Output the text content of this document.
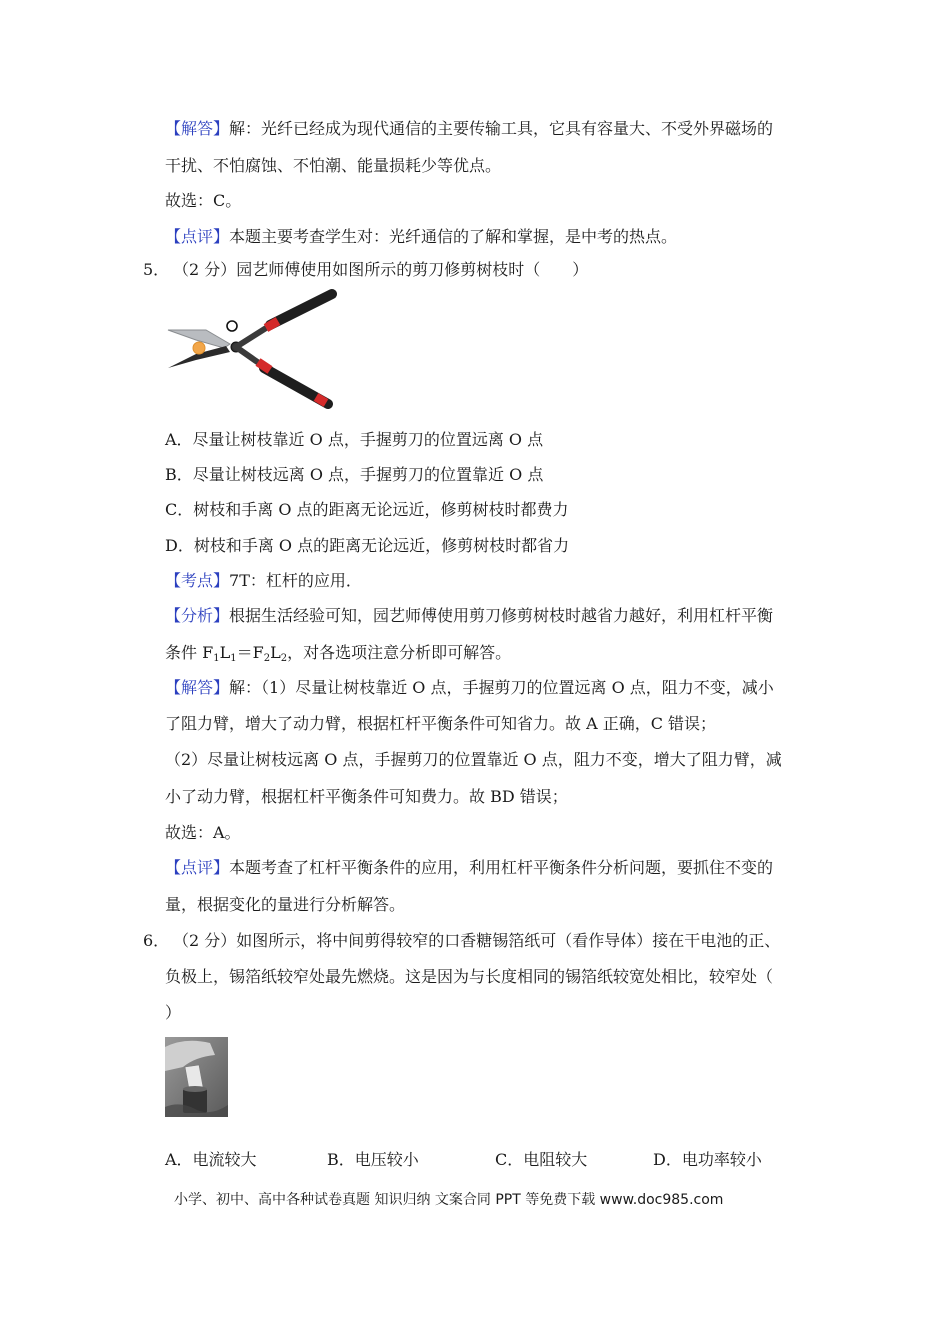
【解答】解：光纤已经成为现代通信的主要传输工具，它具有容量大、不受外界磁场的
干扰、不怕腐蚀、不怕潮、能量损耗少等优点。
故选：C。
【点评】本题主要考查学生对：光纤通信的了解和掌握，是中考的热点。
5． （2 分）园艺师傅使用如图所示的剪刀修剪树枝时（　　）
O
A．尽量让树枝靠近 O 点，手握剪刀的位置远离 O 点
B．尽量让树枝远离 O 点，手握剪刀的位置靠近 O 点
C．树枝和手离 O 点的距离无论远近，修剪树枝时都费力
D．树枝和手离 O 点的距离无论远近，修剪树枝时都省力
【考点】7T：杠杆的应用．
【分析】根据生活经验可知，园艺师傅使用剪刀修剪树枝时越省力越好，利用杠杆平衡
条件 $F_1L_1=F_2L_2$，对各选项注意分析即可解答。
【解答】解：（1）尽量让树枝靠近 O 点，手握剪刀的位置远离 O 点，阻力不变，减小
了阻力臂，增大了动力臂，根据杠杆平衡条件可知省力。故 A 正确，C 错误；
（2）尽量让树枝远离 O 点，手握剪刀的位置靠近 O 点，阻力不变，增大了阻力臂，减
小了动力臂，根据杠杆平衡条件可知费力。故 BD 错误；
故选：A。
【点评】本题考查了杠杆平衡条件的应用，利用杠杆平衡条件分析问题，要抓住不变的
量，根据变化的量进行分析解答。
6． （2 分）如图所示，将中间剪得较窄的口香糖锡箔纸可（看作导体）接在干电池的正、
负极上，锡箔纸较窄处最先燃烧。这是因为与长度相同的锡箔纸较宽处相比，较窄处（
）
A．电流较大	B．电压较小	C．电阻较大	D．电功率较小
小学、初中、高中各种试卷真题 知识归纳 文案合同 PPT 等免费下载 www.doc985.com
